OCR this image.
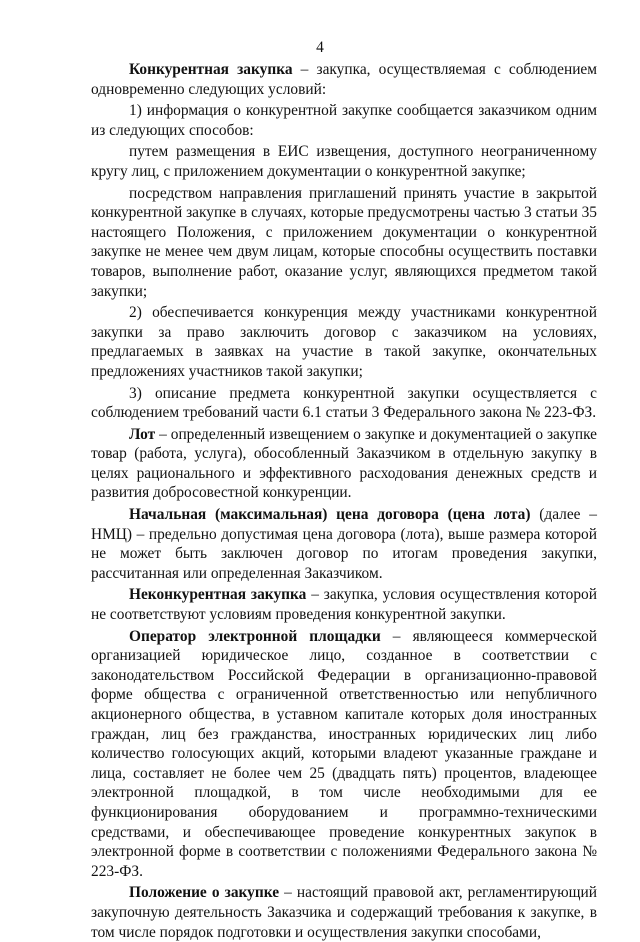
4

Конкурентная закупка – закупка, осуществляемая с соблюдением одновременно следующих условий:

1) информация о конкурентной закупке сообщается заказчиком одним из следующих способов:

путем размещения в ЕИС извещения, доступного неограниченному кругу лиц, с приложением документации о конкурентной закупке;

посредством направления приглашений принять участие в закрытой конкурентной закупке в случаях, которые предусмотрены частью 3 статьи 35 настоящего Положения, с приложением документации о конкурентной закупке не менее чем двум лицам, которые способны осуществить поставки товаров, выполнение работ, оказание услуг, являющихся предметом такой закупки;

2) обеспечивается конкуренция между участниками конкурентной закупки за право заключить договор с заказчиком на условиях, предлагаемых в заявках на участие в такой закупке, окончательных предложениях участников такой закупки;

3) описание предмета конкурентной закупки осуществляется с соблюдением требований части 6.1 статьи 3 Федерального закона № 223-ФЗ.

Лот – определенный извещением о закупке и документацией о закупке товар (работа, услуга), обособленный Заказчиком в отдельную закупку в целях рационального и эффективного расходования денежных средств и развития добросовестной конкуренции.

Начальная (максимальная) цена договора (цена лота) (далее – НМЦ) – предельно допустимая цена договора (лота), выше размера которой не может быть заключен договор по итогам проведения закупки, рассчитанная или определенная Заказчиком.

Неконкурентная закупка – закупка, условия осуществления которой не соответствуют условиям проведения конкурентной закупки.

Оператор электронной площадки – являющееся коммерческой организацией юридическое лицо, созданное в соответствии с законодательством Российской Федерации в организационно-правовой форме общества с ограниченной ответственностью или непубличного акционерного общества, в уставном капитале которых доля иностранных граждан, лиц без гражданства, иностранных юридических лиц либо количество голосующих акций, которыми владеют указанные граждане и лица, составляет не более чем 25 (двадцать пять) процентов, владеющее электронной площадкой, в том числе необходимыми для ее функционирования оборудованием и программно-техническими средствами, и обеспечивающее проведение конкурентных закупок в электронной форме в соответствии с положениями Федерального закона № 223-ФЗ.

Положение о закупке – настоящий правовой акт, регламентирующий закупочную деятельность Заказчика и содержащий требования к закупке, в том числе порядок подготовки и осуществления закупки способами,
